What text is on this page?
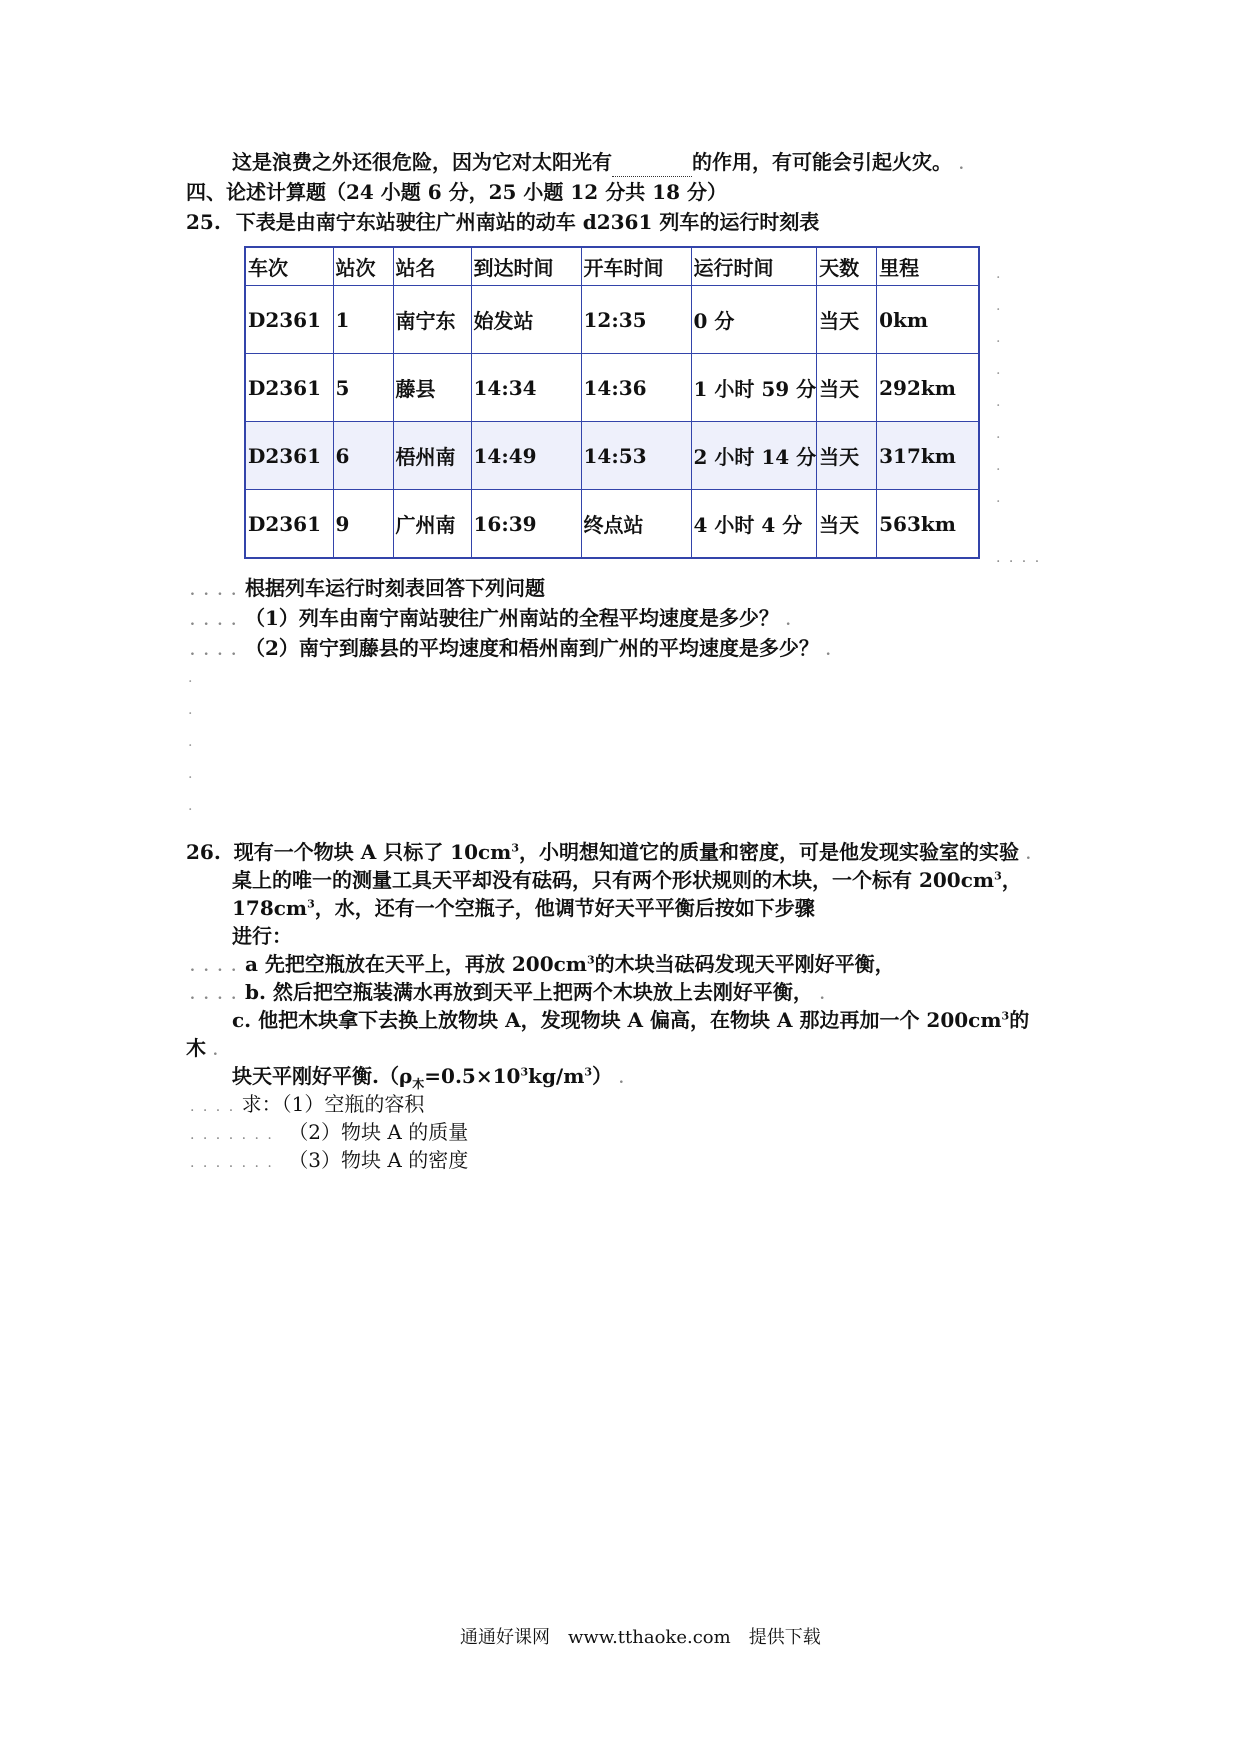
这是浪费之外还很危险，因为它对太阳光有	的作用，有可能会引起火灾。 .
四、论述计算题（24 小题 6 分，25 小题 12 分共 18 分）
25. 下表是由南宁东站驶往广州南站的动车 d2361 列车的运行时刻表
车次	站次	站名	到达时间	开车时间	运行时间	天数	里程
D2361	1	南宁东	始发站	12:35	0 分	当天	0km
D2361	5	藤县	14:34	14:36	1 小时 59 分	当天	292km
D2361	6	梧州南	14:49	14:53	2 小时 14 分	当天	317km
D2361	9	广州南	16:39	终点站	4 小时 4 分	当天	563km
.
.
.
.
.
.
.
.
. . . .
. . . . 根据列车运行时刻表回答下列问题
. . . . （1）列车由南宁南站驶往广州南站的全程平均速度是多少？ .
. . . . （2）南宁到藤县的平均速度和梧州南到广州的平均速度是多少？ .
.
.
.
.
.
26. 现有一个物块 A 只标了 $10cm^3$，小明想知道它的质量和密度，可是他发现实验室的实验 .
桌上的唯一的测量工具天平却没有砝码，只有两个形状规则的木块，一个标有 $200cm^3$，
$178cm^3$，水，还有一个空瓶子，他调节好天平平衡后按如下步骤
进行：
. . . . a 先把空瓶放在天平上，再放 $200cm^3$的木块当砝码发现天平刚好平衡，
. . . . b. 然后把空瓶装满水再放到天平上把两个木块放上去刚好平衡， .
c. 他把木块拿下去换上放物块 A，发现物块 A 偏高，在物块 A 那边再加一个 $200cm^3$的
木 .
块天平刚好平衡$.(\rho_木=0.5\times 10^3kg/m^3)$ .
. . . . 求：（1）空瓶的容积
. . . . . . . （2）物块 A 的质量
. . . . . . . （3）物块 A 的密度
通通好课网　www.tthaoke.com　提供下载
